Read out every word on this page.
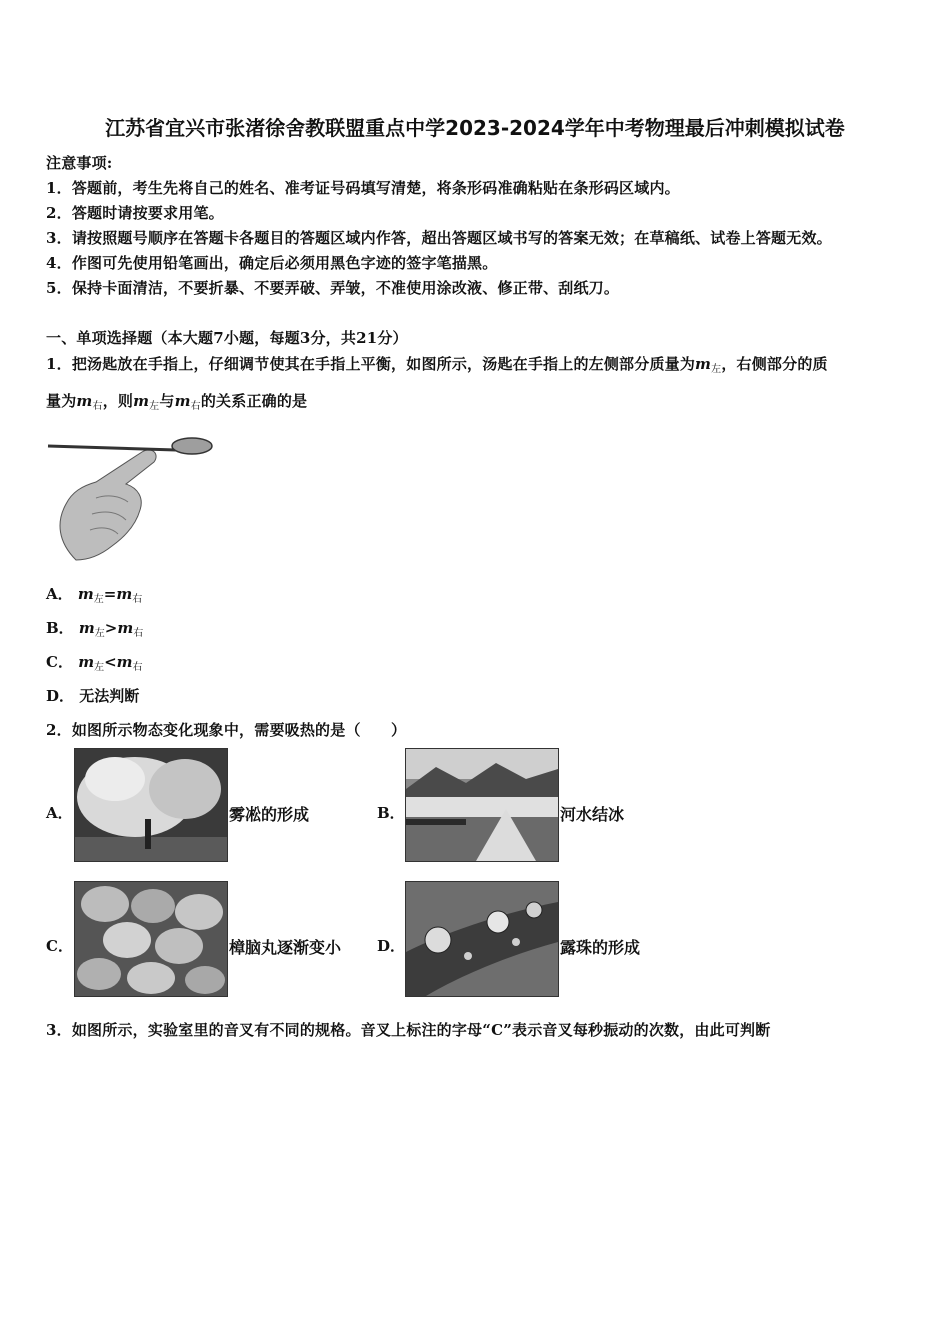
江苏省宜兴市张渚徐舍教联盟重点中学2023-2024学年中考物理最后冲刺模拟试卷
注意事项:
1．答题前，考生先将自己的姓名、准考证号码填写清楚，将条形码准确粘贴在条形码区域内。
2．答题时请按要求用笔。
3．请按照题号顺序在答题卡各题目的答题区域内作答，超出答题区域书写的答案无效；在草稿纸、试卷上答题无效。
4．作图可先使用铅笔画出，确定后必须用黑色字迹的签字笔描黑。
5．保持卡面清洁，不要折暴、不要弄破、弄皱，不准使用涂改液、修正带、刮纸刀。
一、单项选择题（本大题7小题，每题3分，共21分）
1．把汤匙放在手指上，仔细调节使其在手指上平衡，如图所示，汤匙在手指上的左侧部分质量为$m_左$，右侧部分的质
量为$m_右$，则$m_左$与$m_右$的关系正确的是
A． $m_左=m_右$
B． $m_左>m_右$
C． $m_左<m_右$
D． 无法判断
2．如图所示物态变化现象中，需要吸热的是（　　）
A．	雾凇的形成	B．	河水结冰
C．	樟脑丸逐渐变小 D．	露珠的形成
3．如图所示，实验室里的音叉有不同的规格。音叉上标注的字母“C”表示音叉每秒振动的次数，由此可判断
